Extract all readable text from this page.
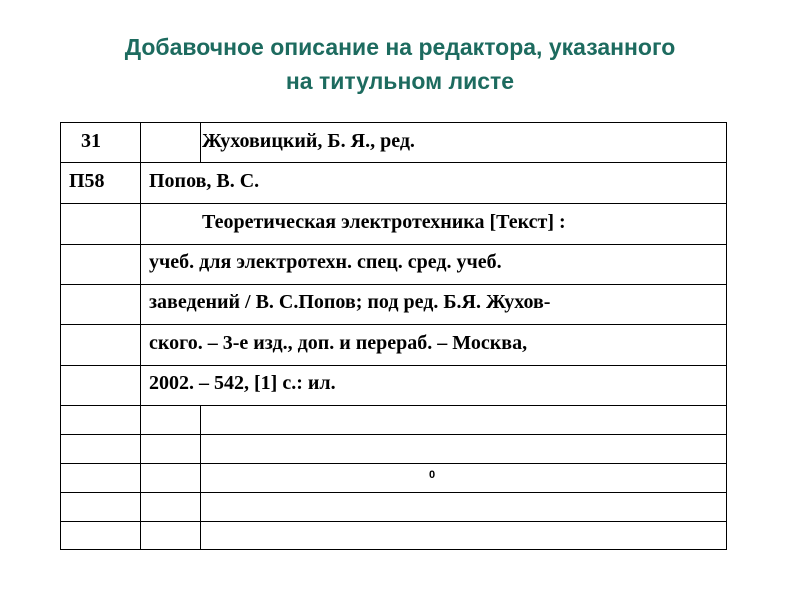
Добавочное описание на редактора, указанного
на титульном листе
31	Жуховицкий, Б. Я., ред.
П58 Попов, В. С.
Теоретическая электротехника [Текст] :
учеб. для электротехн. спец. сред. учеб.
заведений / В. С.Попов; под ред. Б.Я. Жухов-
ского. – 3-е изд., доп. и перераб. – Москва,
2002. – 542, [1] с.: ил.
0
